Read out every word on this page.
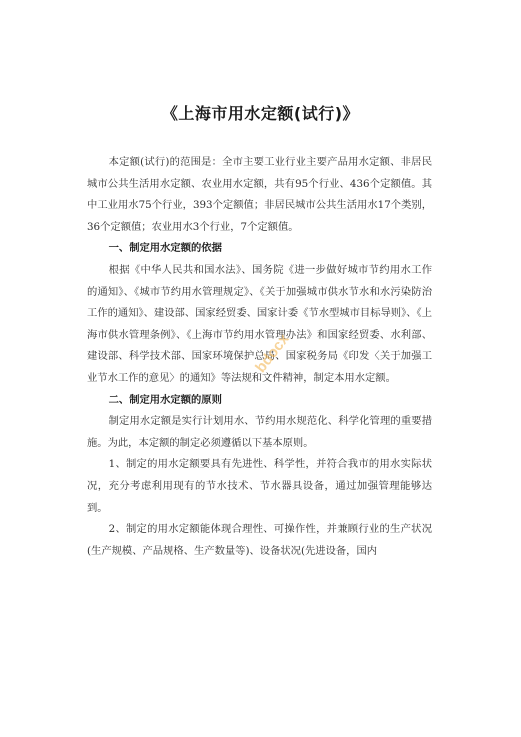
《上海市用水定额(试行)》

本定额(试行)的范围是：全市主要工业行业主要产品用水定额、非居民城市公共生活用水定额、农业用水定额，共有95个行业、436个定额值。其中工业用水75个行业，393个定额值；非居民城市公共生活用水17个类别，36个定额值；农业用水3个行业，7个定额值。

一、制定用水定额的依据

根据《中华人民共和国水法》、国务院《进一步做好城市节约用水工作的通知》、《城市节约用水管理规定》、《关于加强城市供水节水和水污染防治工作的通知》、建设部、国家经贸委、国家计委《节水型城市目标导则》、《上海市供水管理条例》、《上海市节约用水管理办法》和国家经贸委、水利部、建设部、科学技术部、国家环境保护总局、国家税务局《印发〈关于加强工业节水工作的意见〉的通知》等法规和文件精神，制定本用水定额。

二、制定用水定额的原则

制定用水定额是实行计划用水、节约用水规范化、科学化管理的重要措施。为此，本定额的制定必须遵循以下基本原则。

1、制定的用水定额要具有先进性、科学性，并符合我市的用水实际状况，充分考虑利用现有的节水技术、节水器具设备，通过加强管理能够达到。

2、制定的用水定额能体现合理性、可操作性，并兼顾行业的生产状况(生产规模、产品规格、生产数量等)、设备状况(先进设备，国内

bdocx
